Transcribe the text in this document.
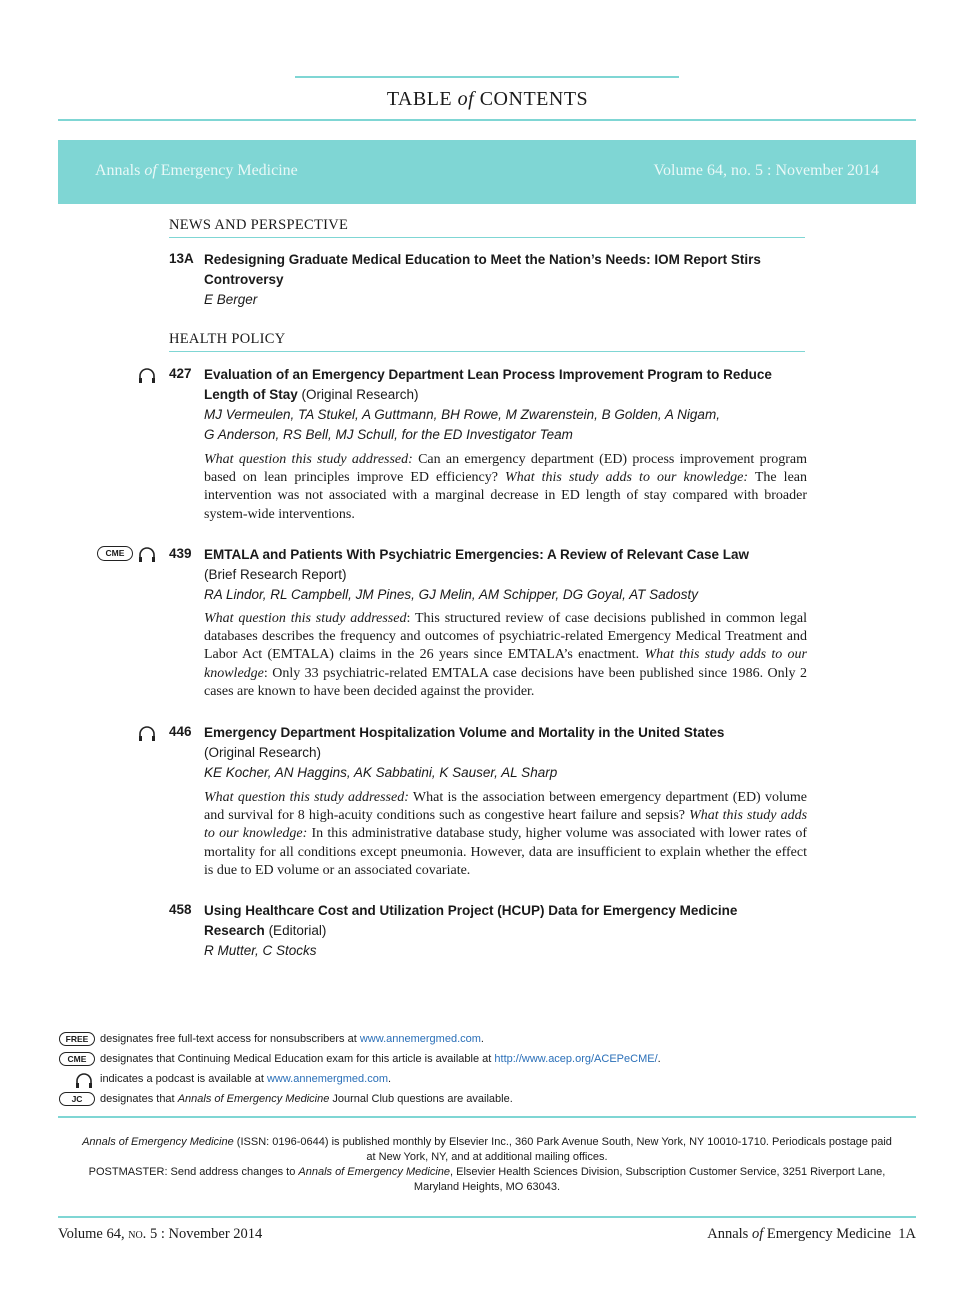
TABLE of CONTENTS
Annals of Emergency Medicine	Volume 64, no. 5 : November 2014
NEWS AND PERSPECTIVE
13A Redesigning Graduate Medical Education to Meet the Nation’s Needs: IOM Report Stirs
Controversy
E Berger
HEALTH POLICY
427 Evaluation of an Emergency Department Lean Process Improvement Program to Reduce
Length of Stay (Original Research)
MJ Vermeulen, TA Stukel, A Guttmann, BH Rowe, M Zwarenstein, B Golden, A Nigam,
G Anderson, RS Bell, MJ Schull, for the ED Investigator Team
What question this study addressed: Can an emergency department (ED) process improvement program based on lean principles improve ED efficiency? What this study adds to our knowledge: The lean intervention was not associated with a marginal decrease in ED length of stay compared with broader system-wide interventions.
CME	439 EMTALA and Patients With Psychiatric Emergencies: A Review of Relevant Case Law
(Brief Research Report)
RA Lindor, RL Campbell, JM Pines, GJ Melin, AM Schipper, DG Goyal, AT Sadosty
What question this study addressed: This structured review of case decisions published in common legal databases describes the frequency and outcomes of psychiatric-related Emergency Medical Treatment and Labor Act (EMTALA) claims in the 26 years since EMTALA’s enactment. What this study adds to our knowledge: Only 33 psychiatric-related EMTALA case decisions have been published since 1986. Only 2 cases are known to have been decided against the provider.
446 Emergency Department Hospitalization Volume and Mortality in the United States
(Original Research)
KE Kocher, AN Haggins, AK Sabbatini, K Sauser, AL Sharp
What question this study addressed: What is the association between emergency department (ED) volume and survival for 8 high-acuity conditions such as congestive heart failure and sepsis? What this study adds to our knowledge: In this administrative database study, higher volume was associated with lower rates of mortality for all conditions except pneumonia. However, data are insufficient to explain whether the effect is due to ED volume or an associated covariate.
458 Using Healthcare Cost and Utilization Project (HCUP) Data for Emergency Medicine
Research (Editorial)
R Mutter, C Stocks
FREE	designates free full-text access for nonsubscribers at www.annemergmed.com.
CME	designates that Continuing Medical Education exam for this article is available at http://www.acep.org/ACEPeCME/.
indicates a podcast is available at www.annemergmed.com.
JC	designates that Annals of Emergency Medicine Journal Club questions are available.
Annals of Emergency Medicine (ISSN: 0196-0644) is published monthly by Elsevier Inc., 360 Park Avenue South, New York, NY 10010-1710. Periodicals postage paid
at New York, NY, and at additional mailing offices.
POSTMASTER: Send address changes to Annals of Emergency Medicine, Elsevier Health Sciences Division, Subscription Customer Service, 3251 Riverport Lane,
Maryland Heights, MO 63043.
Volume 64, no. 5 : November 2014	Annals of Emergency Medicine 1A
